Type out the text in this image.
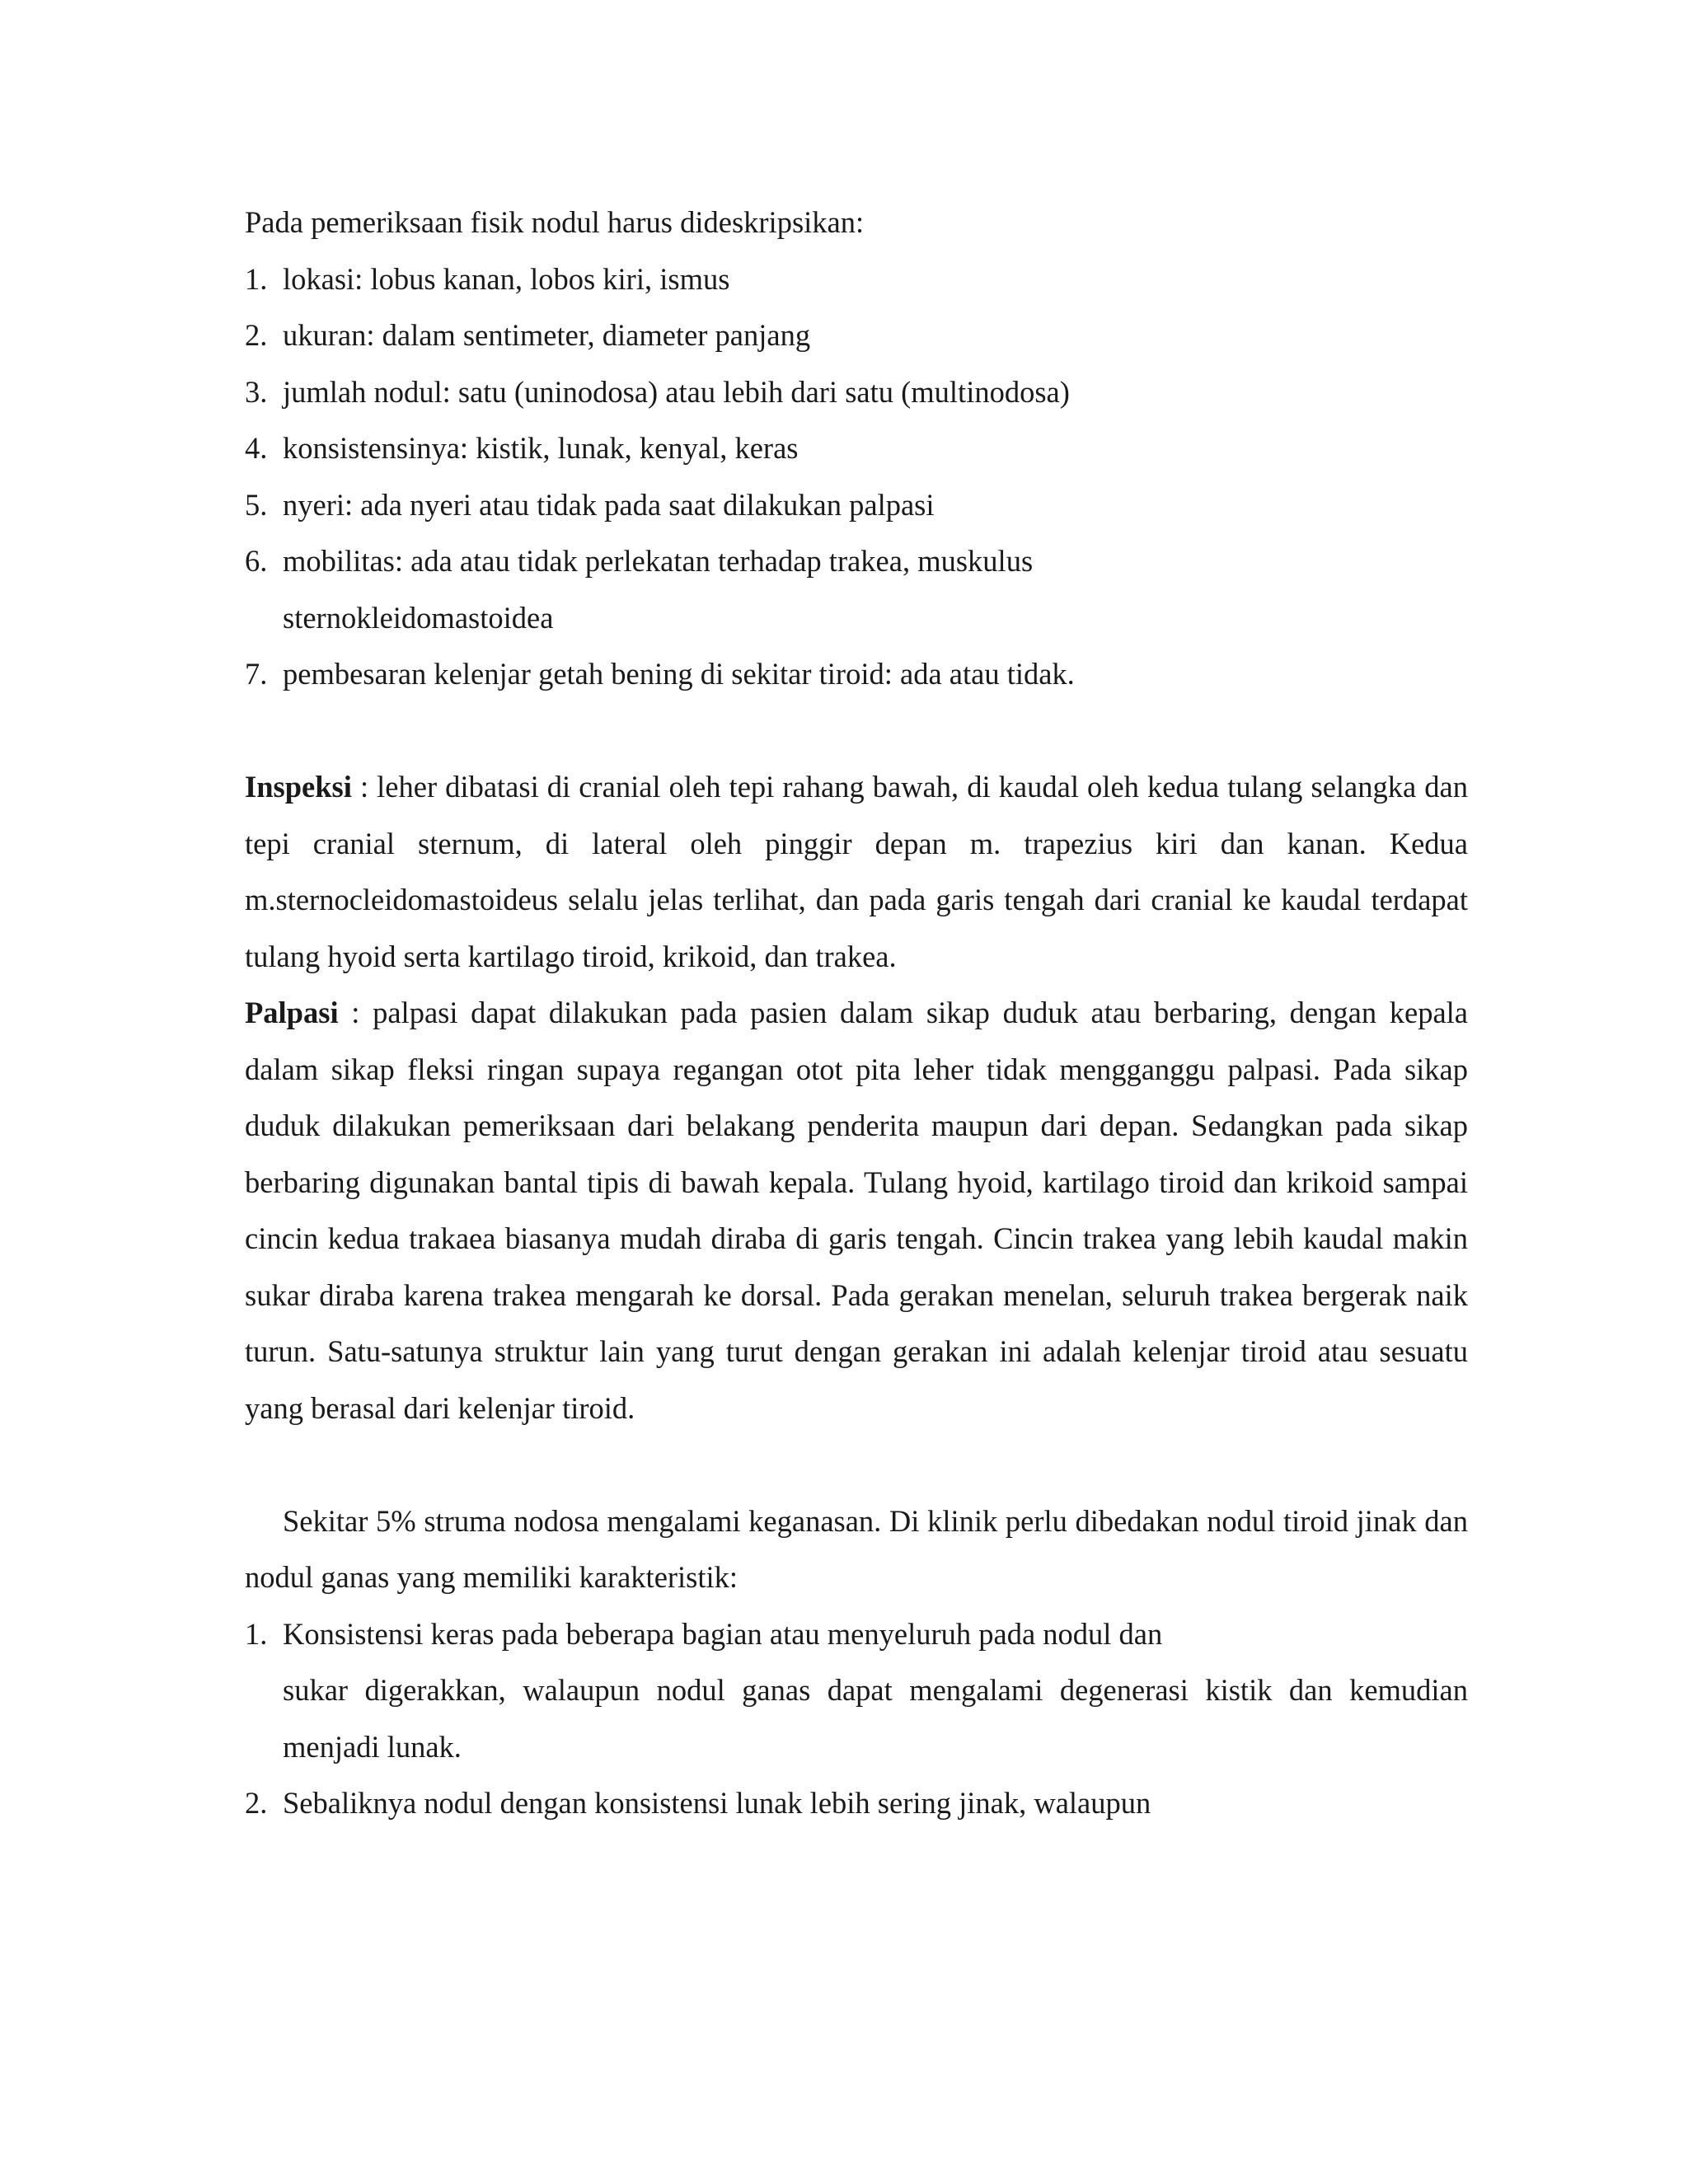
Pada pemeriksaan fisik nodul harus dideskripsikan:
1. lokasi: lobus kanan, lobos kiri, ismus
2. ukuran: dalam sentimeter, diameter panjang
3. jumlah nodul: satu (uninodosa) atau lebih dari satu (multinodosa)
4. konsistensinya: kistik, lunak, kenyal, keras
5. nyeri: ada nyeri atau tidak pada saat dilakukan palpasi
6. mobilitas: ada atau tidak perlekatan terhadap trakea, muskulus
sternokleidomastoidea
7. pembesaran kelenjar getah bening di sekitar tiroid: ada atau tidak.
Inspeksi : leher dibatasi di cranial oleh tepi rahang bawah, di kaudal oleh kedua tulang selangka dan tepi cranial sternum, di lateral oleh pinggir depan m. trapezius kiri dan kanan. Kedua m.sternocleidomastoideus selalu jelas terlihat, dan pada garis tengah dari cranial ke kaudal terdapat tulang hyoid serta kartilago tiroid, krikoid, dan trakea.
Palpasi : palpasi dapat dilakukan pada pasien dalam sikap duduk atau berbaring, dengan kepala dalam sikap fleksi ringan supaya regangan otot pita leher tidak mengganggu palpasi. Pada sikap duduk dilakukan pemeriksaan dari belakang penderita maupun dari depan. Sedangkan pada sikap berbaring digunakan bantal tipis di bawah kepala. Tulang hyoid, kartilago tiroid dan krikoid sampai cincin kedua trakaea biasanya mudah diraba di garis tengah. Cincin trakea yang lebih kaudal makin sukar diraba karena trakea mengarah ke dorsal. Pada gerakan menelan, seluruh trakea bergerak naik turun. Satu-satunya struktur lain yang turut dengan gerakan ini adalah kelenjar tiroid atau sesuatu yang berasal dari kelenjar tiroid.
Sekitar 5% struma nodosa mengalami keganasan. Di klinik perlu dibedakan nodul tiroid jinak dan nodul ganas yang memiliki karakteristik:
1. Konsistensi keras pada beberapa bagian atau menyeluruh pada nodul dan
sukar digerakkan, walaupun nodul ganas dapat mengalami degenerasi kistik dan kemudian menjadi lunak.
2. Sebaliknya nodul dengan konsistensi lunak lebih sering jinak, walaupun
